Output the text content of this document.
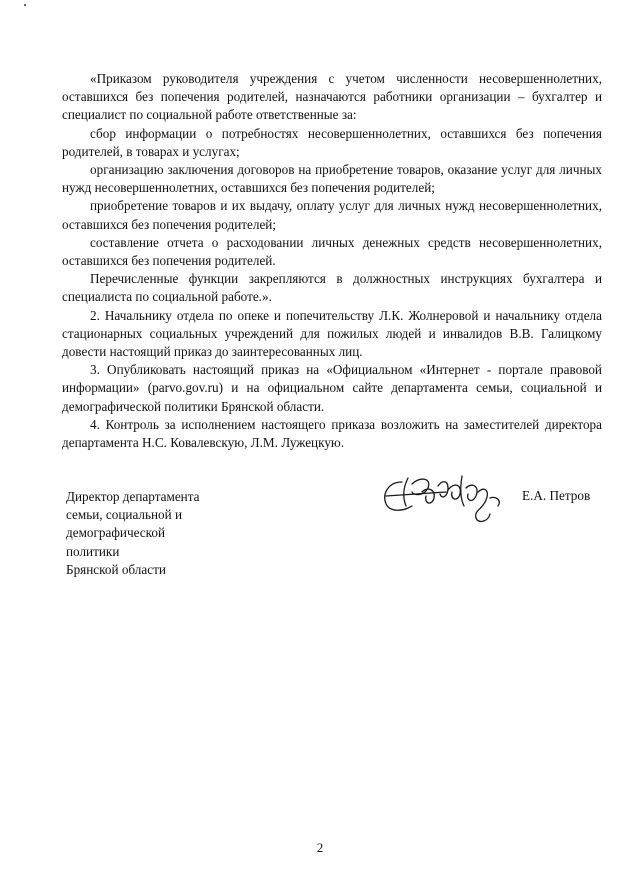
«Приказом руководителя учреждения с учетом численности несовершеннолетних, оставшихся без попечения родителей, назначаются работники организации – бухгалтер и специалист по социальной работе ответственные за:

сбор информации о потребностях несовершеннолетних, оставшихся без попечения родителей, в товарах и услугах;

организацию заключения договоров на приобретение товаров, оказание услуг для личных нужд несовершеннолетних, оставшихся без попечения родителей;

приобретение товаров и их выдачу, оплату услуг для личных нужд несовершеннолетних, оставшихся без попечения родителей;

составление отчета о расходовании личных денежных средств несовершеннолетних, оставшихся без попечения родителей.

Перечисленные функции закрепляются в должностных инструкциях бухгалтера и специалиста по социальной работе.».

2. Начальнику отдела по опеке и попечительству Л.К. Жолнеровой и начальнику отдела стационарных социальных учреждений для пожилых людей и инвалидов В.В. Галицкому довести настоящий приказ до заинтересованных лиц.

3. Опубликовать настоящий приказ на «Официальном «Интернет - портале правовой информации» (parvo.gov.ru) и на официальном сайте департамента семьи, социальной и демографической политики Брянской области.

4. Контроль за исполнением настоящего приказа возложить на заместителей директора департамента Н.С. Ковалевскую, Л.М. Лужецкую.

Директор департамента
семьи, социальной и
демографической
политики
Брянской области
Е.А. Петров
2
